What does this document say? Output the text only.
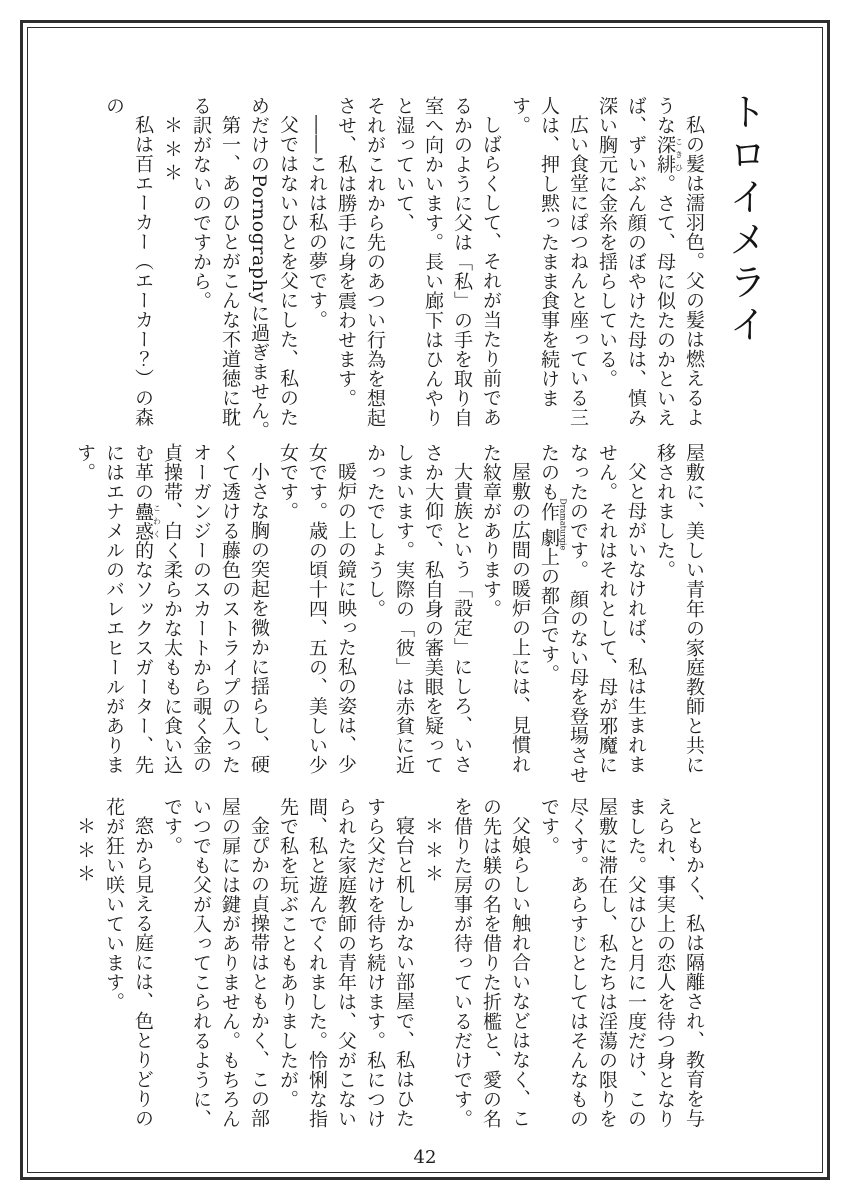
トロイメライ

私の髪は濡羽色。父の髪は燃えるような深緋こきひ。さて、母に似たのかといえば、ずいぶん顔のぼやけた母は、慎み深い胸元に金糸を揺らしている。

広い食堂にぽつねんと座っている三人は、押し黙ったまま食事を続けます。

しばらくして、それが当たり前であるかのように父は「私」の手を取り自室へ向かいます。長い廊下はひんやりと湿っていて、
それがこれから先のあつい行為を想起させ、私は勝手に身を震わせます。

――これは私の夢です。

父ではないひとを父にした、私のためだけのPornographyに過ぎません。

第一、あのひとがこんな不道徳に耽る訳がないのですから。

＊＊＊

私は百エーカー（エーカー？）の森の

屋敷に、美しい青年の家庭教師と共に移されました。

父と母がいなければ、私は生まれません。それはそれとして、母が邪魔になったのです。　顔のない母を登場させたのも作劇Dramaturgie上の都合です。

屋敷の広間の暖炉の上には、見慣れた紋章があります。

大貴族という「設定」にしろ、いささか大仰で、私自身の審美眼を疑ってしまいます。実際の「彼」は赤貧に近かったでしょうし。

暖炉の上の鏡に映った私の姿は、少女です。歳の頃十四、五の、美しい少女です。

小さな胸の突起を微かに揺らし、硬くて透ける藤色のストライプの入ったオーガンジーのスカートから覗く金の貞操帯、白く柔らかな太ももに食い込む革の蠱惑こわく的なソックスガーター、先にはエナメルのバレエヒールがあります。

ともかく、私は隔離され、教育を与えられ、事実上の恋人を待つ身となりました。父はひと月に一度だけ、この屋敷に滞在し、私たちは淫蕩の限りを尽くす。あらすじとしてはそんなものです。

父娘らしい触れ合いなどはなく、この先は躾の名を借りた折檻と、愛の名を借りた房事が待っているだけです。

＊＊＊

寝台と机しかない部屋で、私はひたすら父だけを待ち続けます。私につけられた家庭教師の青年は、父がこない間、私と遊んでくれました。怜悧な指先で私を玩ぶこともありましたが。

金ぴかの貞操帯はともかく、この部屋の扉には鍵がありません。もちろんいつでも父が入ってこられるように、です。

窓から見える庭には、色とりどりの花が狂い咲いています。

＊＊＊

42
